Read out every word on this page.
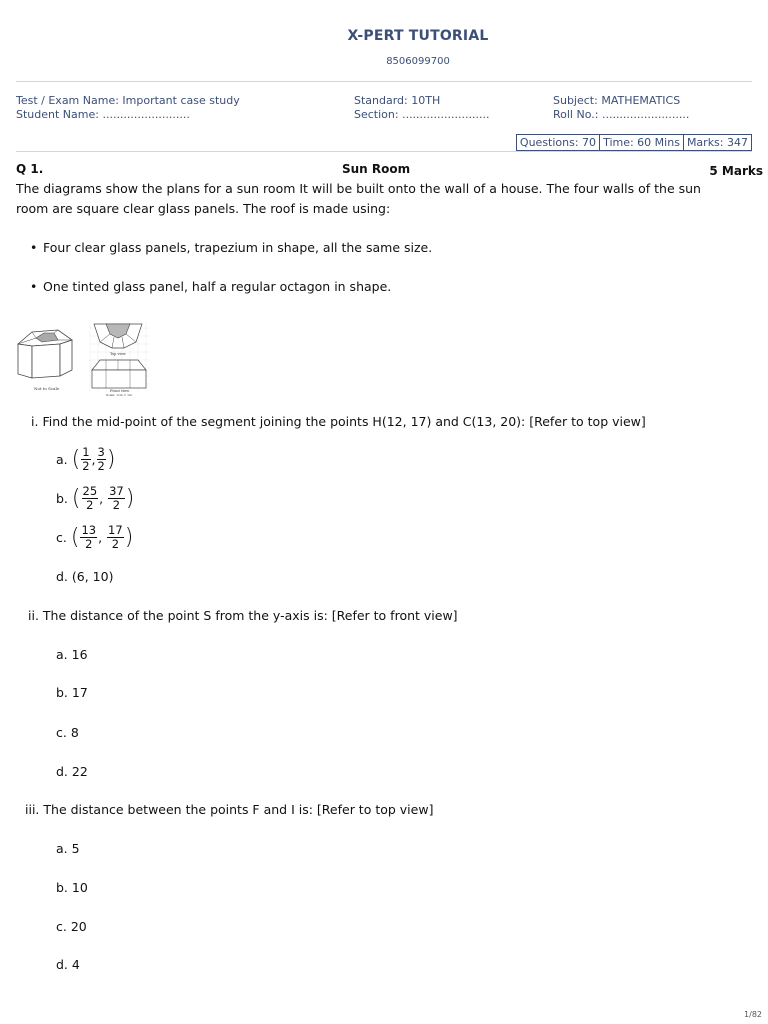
X-PERT TUTORIAL
8506099700
Test / Exam Name: Important case study	Standard: 10TH	Subject: MATHEMATICS
Student Name: .........................	Section: .........................	Roll No.: .........................
Questions: 70 Time: 60 Mins Marks: 347
Q 1.	Sun Room	5 Marks
The diagrams show the plans for a sun room It will be built onto the wall of a house. The four walls of the sun room are square clear glass panels. The roof is made using:
• Four clear glass panels, trapezium in shape, all the same size.
• One tinted glass panel, half a regular octagon in shape.
Not to Scale
Top view
Front view
Scale: 1cm = 1m
i. Find the mid-point of the segment joining the points H(12, 17) and C(13, 20): [Refer to top view]
a.
( $\frac{1}{2}$ , $\frac{3}{2}$ )
b.
( $\frac{25}{2}$ ,
$\frac{37}{2}$ )
c.
( $\frac{13}{2}$ ,
$\frac{17}{2}$ )
d.
(6, 10)
ii. The distance of the point S from the y-axis is: [Refer to front view]
a.
16
b.
17
c.
8
d.
22
iii. The distance between the points F and I is: [Refer to top view]
a.
5
b.
10
c.
20
d.
4
1/82
